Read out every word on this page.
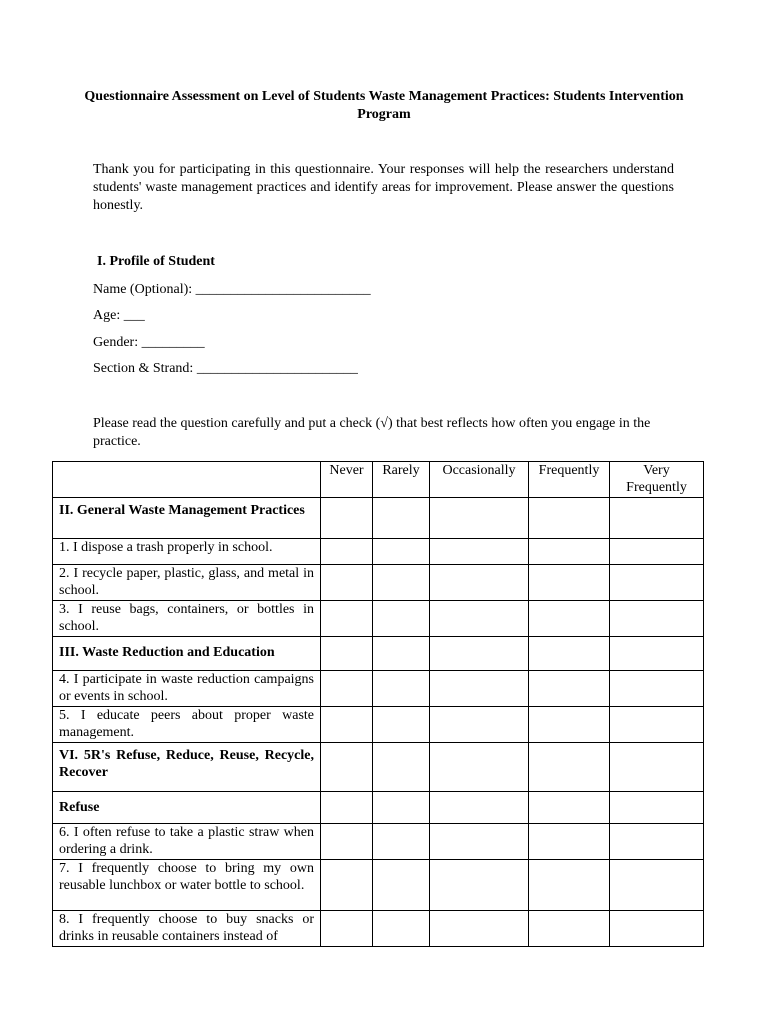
Questionnaire Assessment on Level of Students Waste Management Practices: Students Intervention Program
Thank you for participating in this questionnaire. Your responses will help the researchers understand students' waste management practices and identify areas for improvement. Please answer the questions honestly.
I. Profile of Student
Name (Optional): _________________________
Age: ___
Gender: _________
Section & Strand: _______________________
Please read the question carefully and put a check (√) that best reflects how often you engage in the practice.
	Never	Rarely	Occasionally	Frequently	Very Frequently
II. General Waste Management Practices					
1. I dispose a trash properly in school.					
2. I recycle paper, plastic, glass, and metal in school.					
3. I reuse bags, containers, or bottles in school.					
III. Waste Reduction and Education					
4. I participate in waste reduction campaigns or events in school.					
5. I educate peers about proper waste management.					
VI. 5R's Refuse, Reduce, Reuse, Recycle, Recover					
Refuse					
6. I often refuse to take a plastic straw when ordering a drink.					
7. I frequently choose to bring my own reusable lunchbox or water bottle to school.					
8. I frequently choose to buy snacks or drinks in reusable containers instead of					
